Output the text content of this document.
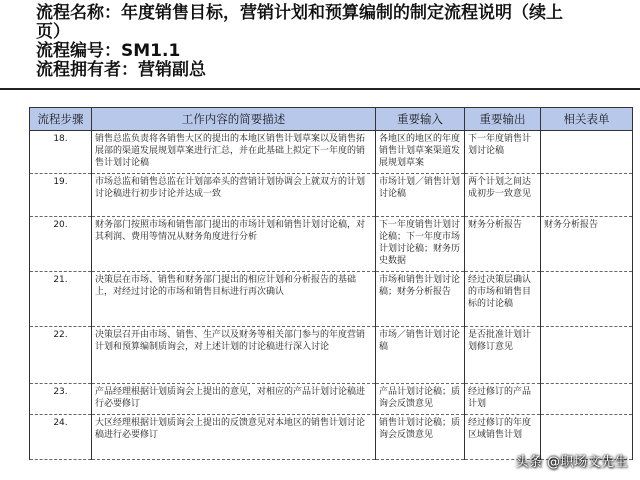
流程名称：年度销售目标，营销计划和预算编制的制定流程说明（续上
页）
流程编号：SM1.1
流程拥有者：营销副总
流程步骤	工作内容的简要描述	重要输入	重要输出	相关表单
18.	销售总监负责将各销售大区的提出的本地区销售计划草案以及销售拓展部的渠道发展规划草案进行汇总，并在此基础上拟定下一年度的销售计划讨论稿	各地区的地区的年度销售计划草案渠道发展规划草案	下一年度销售计划讨论稿	
19.	市场总监和销售总监在计划部牵头的营销计划协调会上就双方的计划讨论稿进行初步讨论并达成一致	市场计划／销售计划讨论稿	两个计划之间达成初步一致意见	
20.	财务部门按照市场和销售部门提出的市场计划和销售计划讨论稿，对其利润、费用等情况从财务角度进行分析	下一年度销售计划讨论稿；下一年度市场计划讨论稿；财务历史数据	财务分析报告	财务分析报告
21.	决策层在市场、销售和财务部门提出的相应计划和分析报告的基础上，对经过讨论的市场和销售目标进行再次确认	市场和销售计划讨论稿；财务分析报告	经过决策层确认的市场和销售目标的讨论稿	
22.	决策层召开由市场、销售、生产以及财务等相关部门参与的年度营销计划和预算编制质询会，对上述计划的讨论稿进行深入讨论	市场／销售计划讨论稿	是否批准计划计划修订意见	
23.	产品经理根据计划质询会上提出的意见，对相应的产品计划讨论稿进行必要修订	产品计划讨论稿；质询会反馈意见	经过修订的产品计划	
24.	大区经理根据计划质询会上提出的反馈意见对本地区的销售计划讨论稿进行必要修订	销售计划讨论稿；质询会反馈意见	经过修订的年度区域销售计划	
头条 @职场文先生
